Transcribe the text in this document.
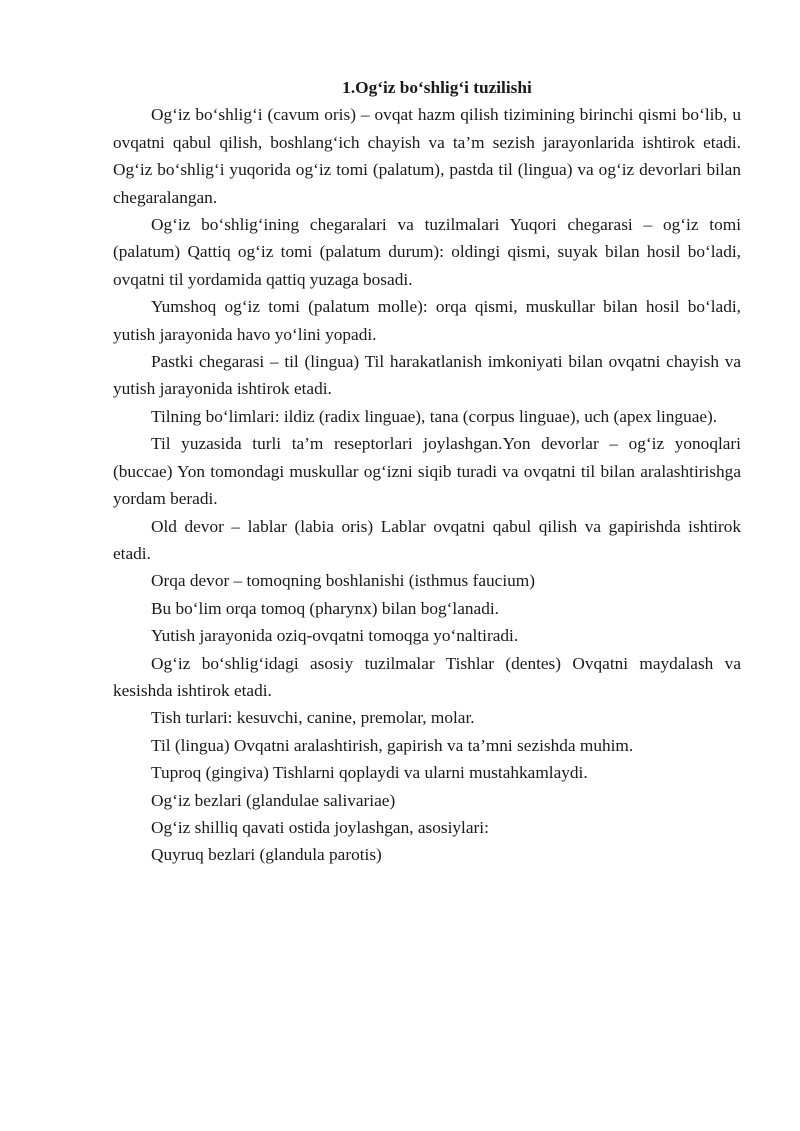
1.Og‘iz bo‘shlig‘i tuzilishi

Og‘iz bo‘shlig‘i (cavum oris) – ovqat hazm qilish tizimining birinchi qismi bo‘lib, u ovqatni qabul qilish, boshlang‘ich chayish va ta’m sezish jarayonlarida ishtirok etadi. Og‘iz bo‘shlig‘i yuqorida og‘iz tomi (palatum), pastda til (lingua) va og‘iz devorlari bilan chegaralangan.

Og‘iz bo‘shlig‘ining chegaralari va tuzilmalari Yuqori chegarasi – og‘iz tomi (palatum) Qattiq og‘iz tomi (palatum durum): oldingi qismi, suyak bilan hosil bo‘ladi, ovqatni til yordamida qattiq yuzaga bosadi.

Yumshoq og‘iz tomi (palatum molle): orqa qismi, muskullar bilan hosil bo‘ladi, yutish jarayonida havo yo‘lini yopadi.

Pastki chegarasi – til (lingua) Til harakatlanish imkoniyati bilan ovqatni chayish va yutish jarayonida ishtirok etadi.

Tilning bo‘limlari: ildiz (radix linguae), tana (corpus linguae), uch (apex linguae).

Til yuzasida turli ta’m reseptorlari joylashgan.Yon devorlar – og‘iz yonoqlari (buccae) Yon tomondagi muskullar og‘izni siqib turadi va ovqatni til bilan aralashtirishga yordam beradi.

Old devor – lablar (labia oris) Lablar ovqatni qabul qilish va gapirishda ishtirok etadi.

Orqa devor – tomoqning boshlanishi (isthmus faucium)

Bu bo‘lim orqa tomoq (pharynx) bilan bog‘lanadi.

Yutish jarayonida oziq-ovqatni tomoqga yo‘naltiradi.

Og‘iz bo‘shlig‘idagi asosiy tuzilmalar Tishlar (dentes) Ovqatni maydalash va kesishda ishtirok etadi.

Tish turlari: kesuvchi, canine, premolar, molar.

Til (lingua) Ovqatni aralashtirish, gapirish va ta’mni sezishda muhim.

Tuproq (gingiva) Tishlarni qoplaydi va ularni mustahkamlaydi.

Og‘iz bezlari (glandulae salivariae)

Og‘iz shilliq qavati ostida joylashgan, asosiylari:

Quyruq bezlari (glandula parotis)
